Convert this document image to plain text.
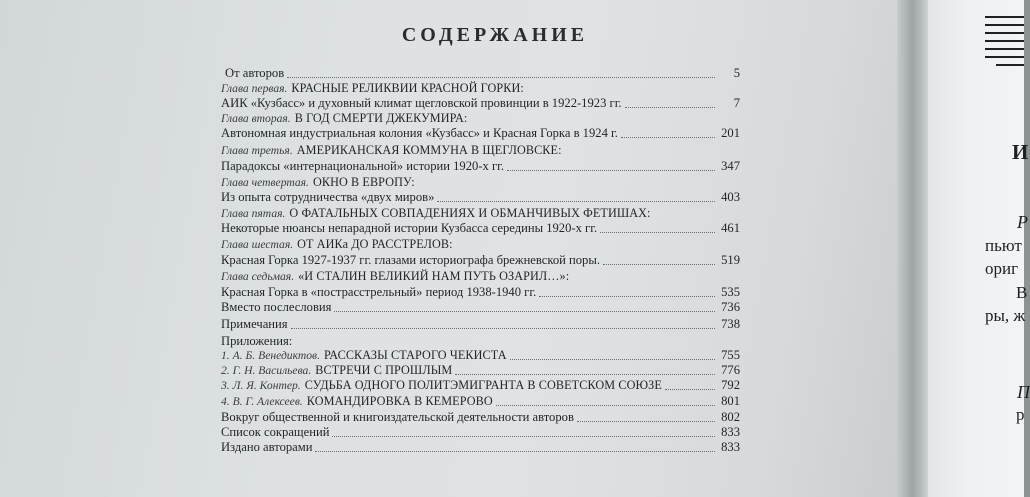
СОДЕРЖАНИЕ
От авторов	5
Глава первая. КРАСНЫЕ РЕЛИКВИИ КРАСНОЙ ГОРКИ:
АИК «Кузбасс» и духовный климат щегловской провинции в 1922-1923 гг.	7
Глава вторая. В ГОД СМЕРТИ ДЖЕКУМИРА:
Автономная индустриальная колония «Кузбасс» и Красная Горка в 1924 г.	201
Глава третья. АМЕРИКАНСКАЯ КОММУНА В ЩЕГЛОВСКЕ:
Парадоксы «интернациональной» истории 1920-х гг.	347
Глава четвертая. ОКНО В ЕВРОПУ:
Из опыта сотрудничества «двух миров»	403
Глава пятая. О ФАТАЛЬНЫХ СОВПАДЕНИЯХ И ОБМАНЧИВЫХ ФЕТИШАХ:
Некоторые нюансы непарадной истории Кузбасса середины 1920-х гг.	461
Глава шестая. ОТ АИКа ДО РАССТРЕЛОВ:
Красная Горка 1927-1937 гг. глазами историографа брежневской поры.	519
Глава седьмая. «И СТАЛИН ВЕЛИКИЙ НАМ ПУТЬ ОЗАРИЛ…»:
Красная Горка в «пострасстрельный» период 1938-1940 гг.	535
Вместо послесловия	736
Примечания	738
Приложения:
1. А. Б. Венедиктов. РАССКАЗЫ СТАРОГО ЧЕКИСТА	755
2. Г. Н. Васильева. ВСТРЕЧИ С ПРОШЛЫМ	776
3. Л. Я. Контер. СУДЬБА ОДНОГО ПОЛИТЭМИГРАНТА В СОВЕТСКОМ СОЮЗЕ	792
4. В. Г. Алексеев. КОМАНДИРОВКА В КЕМЕРОВО	801
Вокруг общественной и книгоиздательской деятельности авторов	802
Список сокращений	833
Издано авторами	833
И
Р
пьют
ориг
В
ры, ж
П
р
